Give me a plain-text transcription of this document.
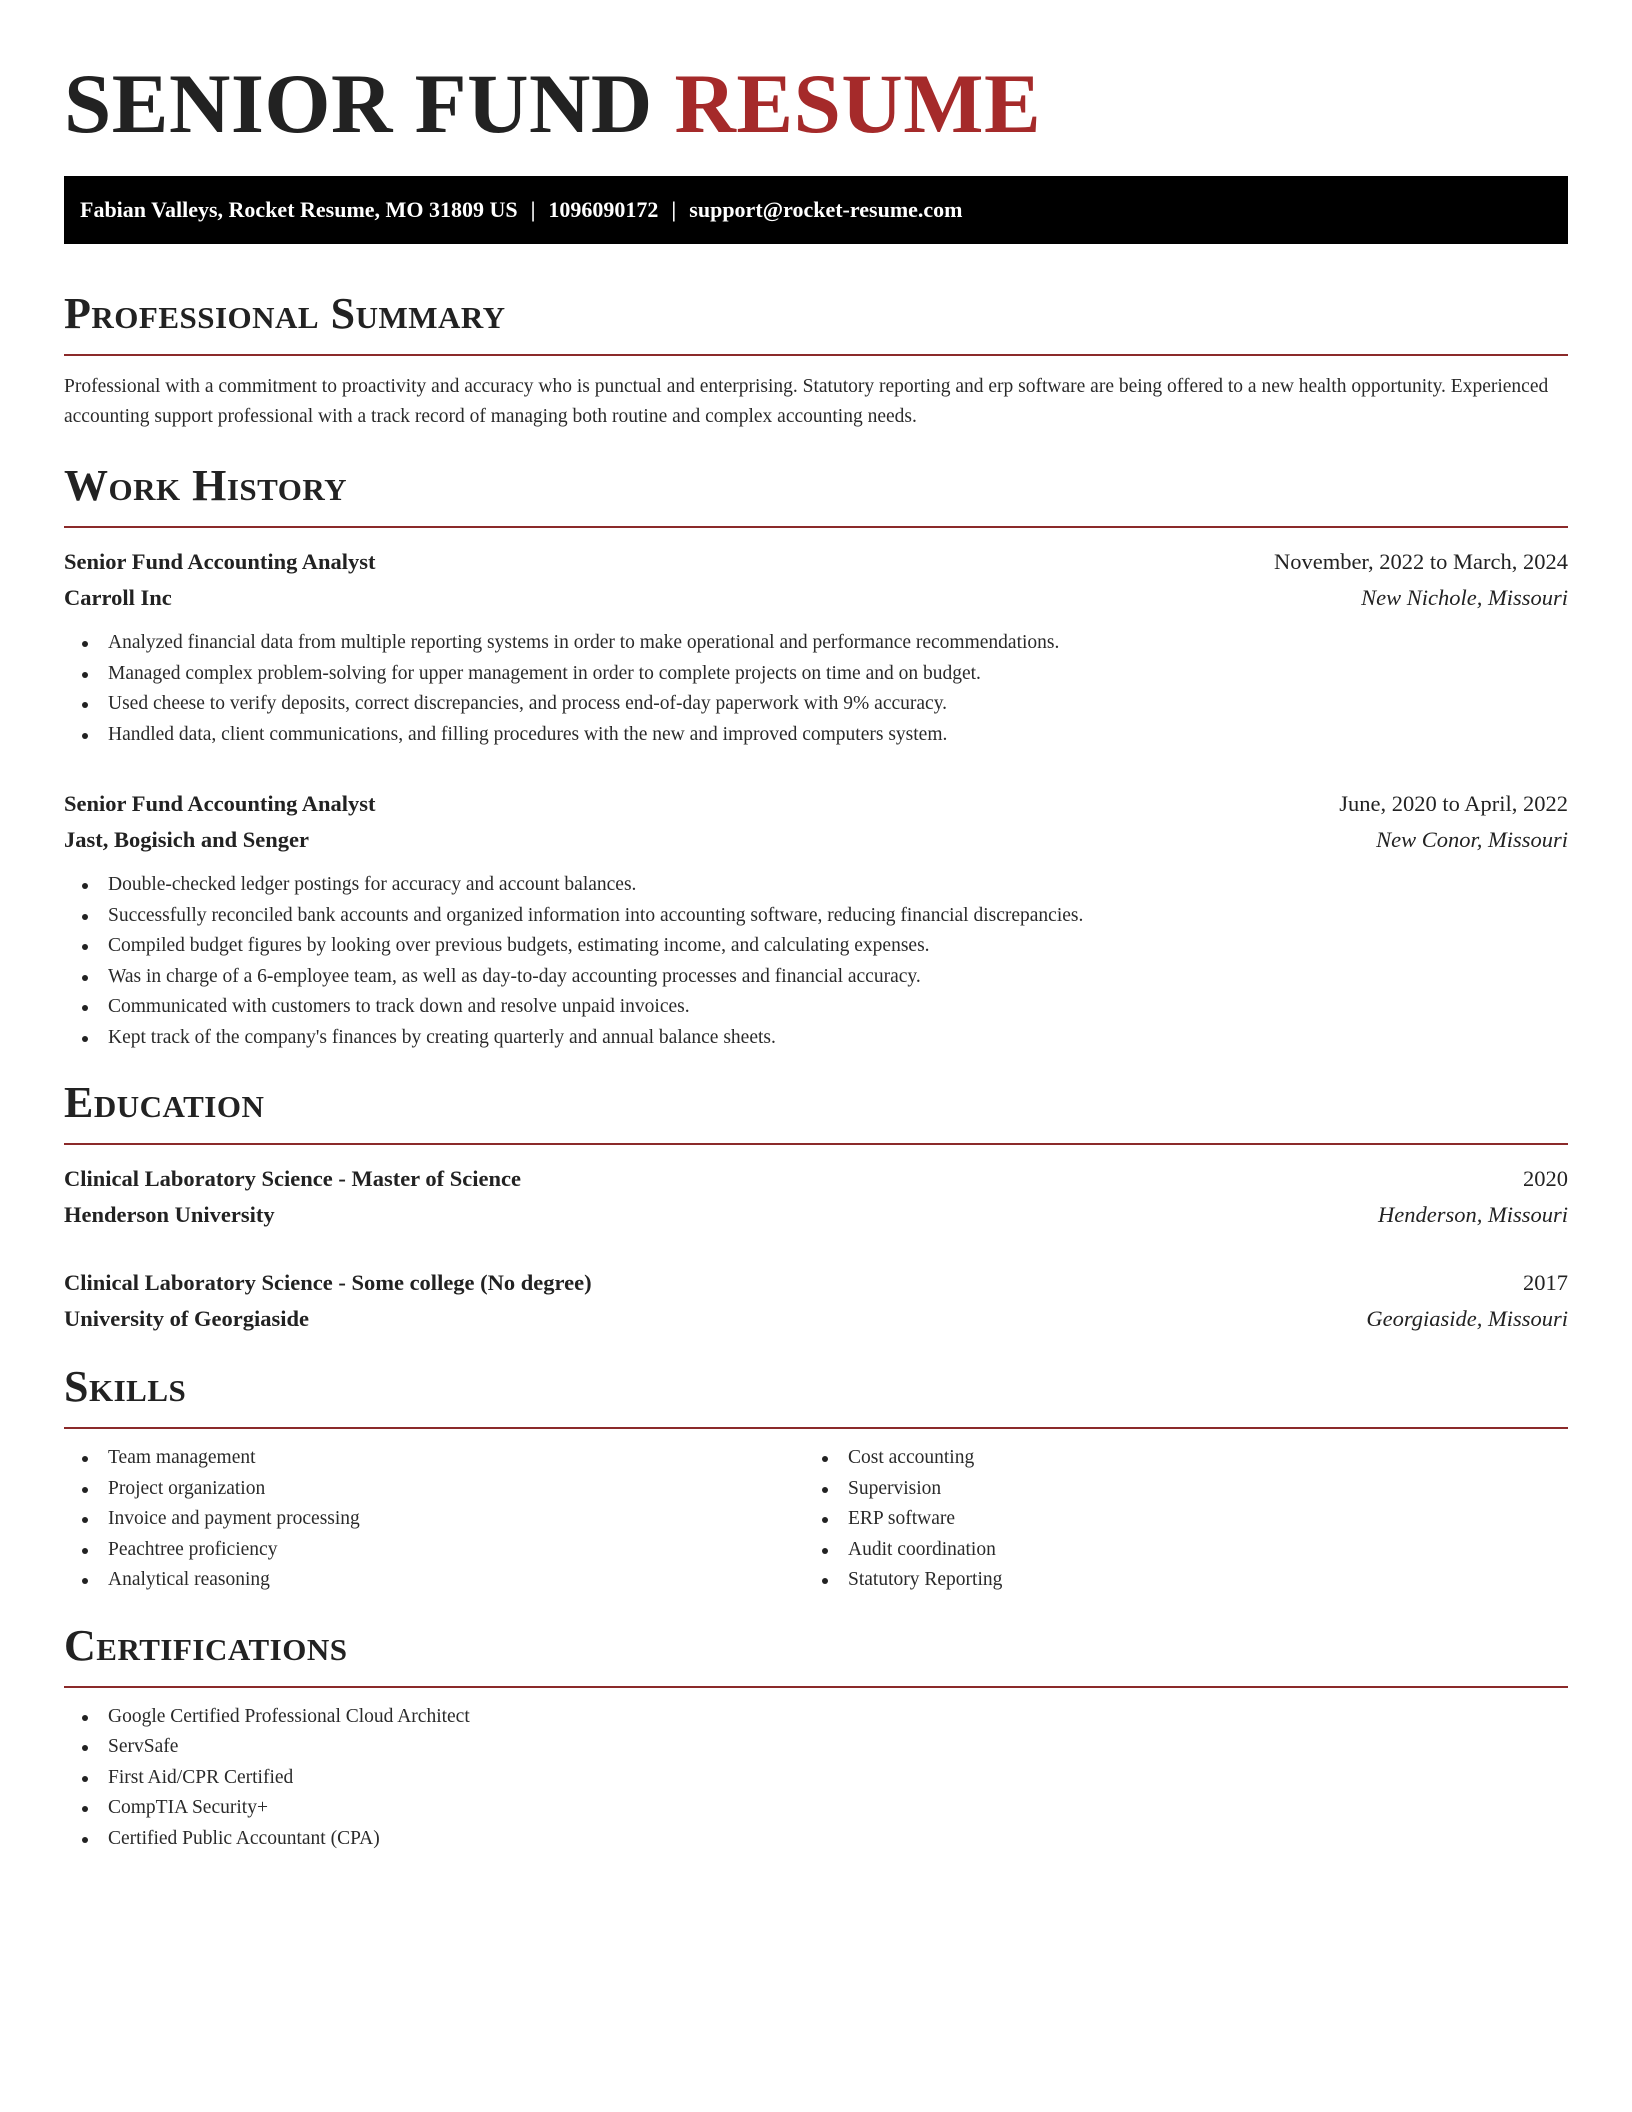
SENIOR FUND RESUME
Fabian Valleys, Rocket Resume, MO 31809 US | 1096090172 | support@rocket-resume.com
Professional Summary

Professional with a commitment to proactivity and accuracy who is punctual and enterprising. Statutory reporting and erp software are being offered to a new health opportunity. Experienced accounting support professional with a track record of managing both routine and complex accounting needs.

Work History
Senior Fund Accounting Analyst	November, 2022 to March, 2024
Carroll Inc	New Nichole, Missouri
Analyzed financial data from multiple reporting systems in order to make operational and performance recommendations.
Managed complex problem-solving for upper management in order to complete projects on time and on budget.
Used cheese to verify deposits, correct discrepancies, and process end-of-day paperwork with 9% accuracy.
Handled data, client communications, and filling procedures with the new and improved computers system.
Senior Fund Accounting Analyst	June, 2020 to April, 2022
Jast, Bogisich and Senger	New Conor, Missouri
Double-checked ledger postings for accuracy and account balances.
Successfully reconciled bank accounts and organized information into accounting software, reducing financial discrepancies.
Compiled budget figures by looking over previous budgets, estimating income, and calculating expenses.
Was in charge of a 6-employee team, as well as day-to-day accounting processes and financial accuracy.
Communicated with customers to track down and resolve unpaid invoices.
Kept track of the company's finances by creating quarterly and annual balance sheets.
Education
Clinical Laboratory Science - Master of Science	2020
Henderson University	Henderson, Missouri
Clinical Laboratory Science - Some college (No degree)	2017
University of Georgiaside	Georgiaside, Missouri
Skills
Team management
Project organization
Invoice and payment processing
Peachtree proficiency
Analytical reasoning
Cost accounting
Supervision
ERP software
Audit coordination
Statutory Reporting
Certifications
Google Certified Professional Cloud Architect
ServSafe
First Aid/CPR Certified
CompTIA Security+
Certified Public Accountant (CPA)
